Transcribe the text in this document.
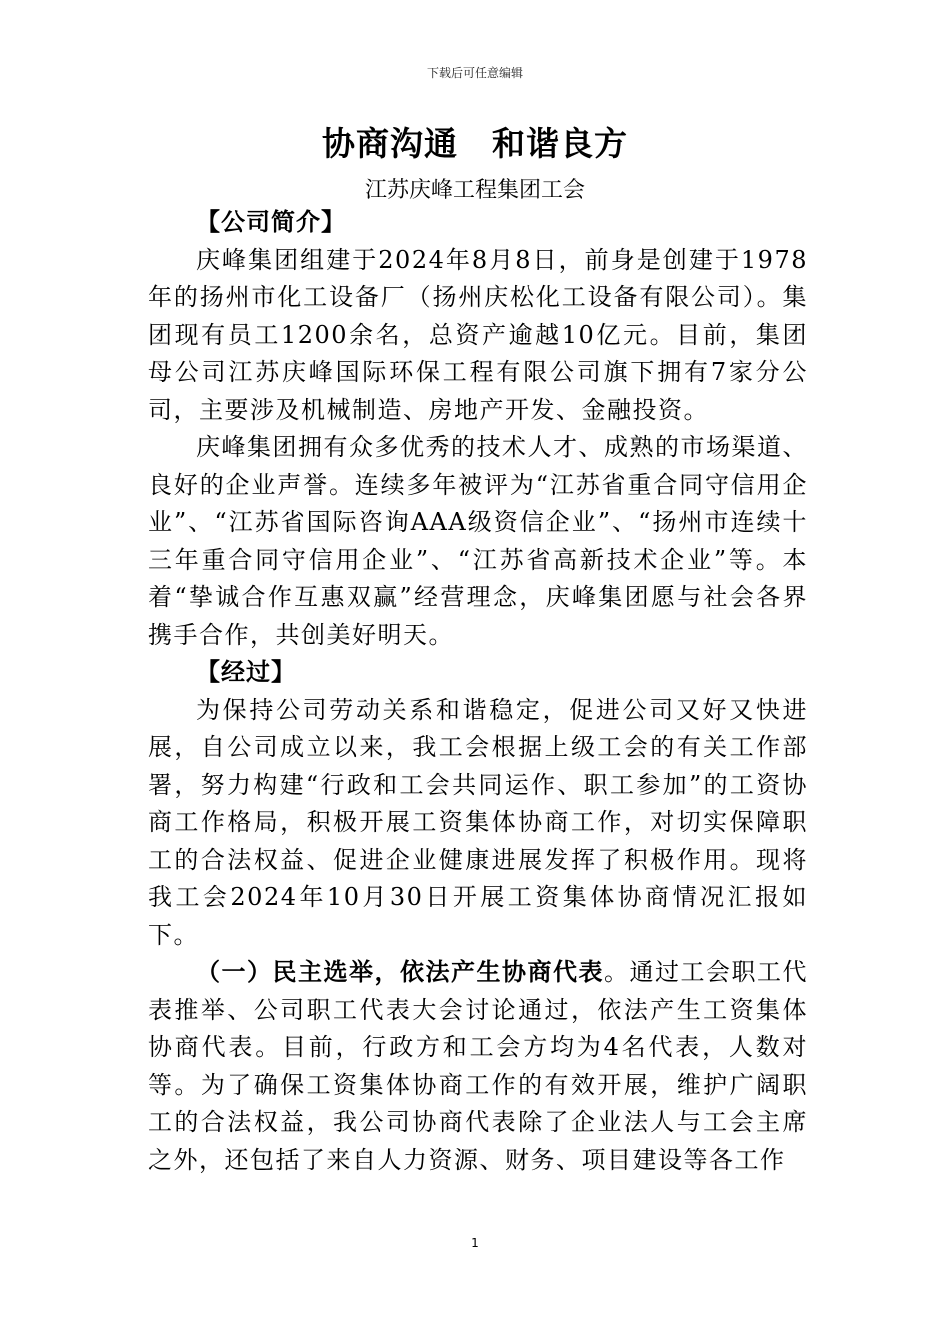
下载后可任意编辑
协商沟通 和谐良方
江苏庆峰工程集团工会

【公司简介】

庆峰集团组建于2024年8月8日，前身是创建于1978年的扬州市化工设备厂（扬州庆松化工设备有限公司）。集团现有员工1200余名，总资产逾越10亿元。目前，集团母公司江苏庆峰国际环保工程有限公司旗下拥有7家分公司，主要涉及机械制造、房地产开发、金融投资。

庆峰集团拥有众多优秀的技术人才、成熟的市场渠道、良好的企业声誉。连续多年被评为“江苏省重合同守信用企业”、“江苏省国际咨询AAA级资信企业”、“扬州市连续十三年重合同守信用企业”、“江苏省高新技术企业”等。本着“挚诚合作互惠双赢”经营理念，庆峰集团愿与社会各界携手合作，共创美好明天。

【经过】

为保持公司劳动关系和谐稳定，促进公司又好又快进展，自公司成立以来，我工会根据上级工会的有关工作部署，努力构建“行政和工会共同运作、职工参加”的工资协商工作格局，积极开展工资集体协商工作，对切实保障职工的合法权益、促进企业健康进展发挥了积极作用。现将我工会2024年10月30日开展工资集体协商情况汇报如下。

（一）民主选举，依法产生协商代表。通过工会职工代表推举、公司职工代表大会讨论通过，依法产生工资集体协商代表。目前，行政方和工会方均为4名代表，人数对等。为了确保工资集体协商工作的有效开展，维护广阔职工的合法权益，我公司协商代表除了企业法人与工会主席之外，还包括了来自人力资源、财务、项目建设等各工作

1
